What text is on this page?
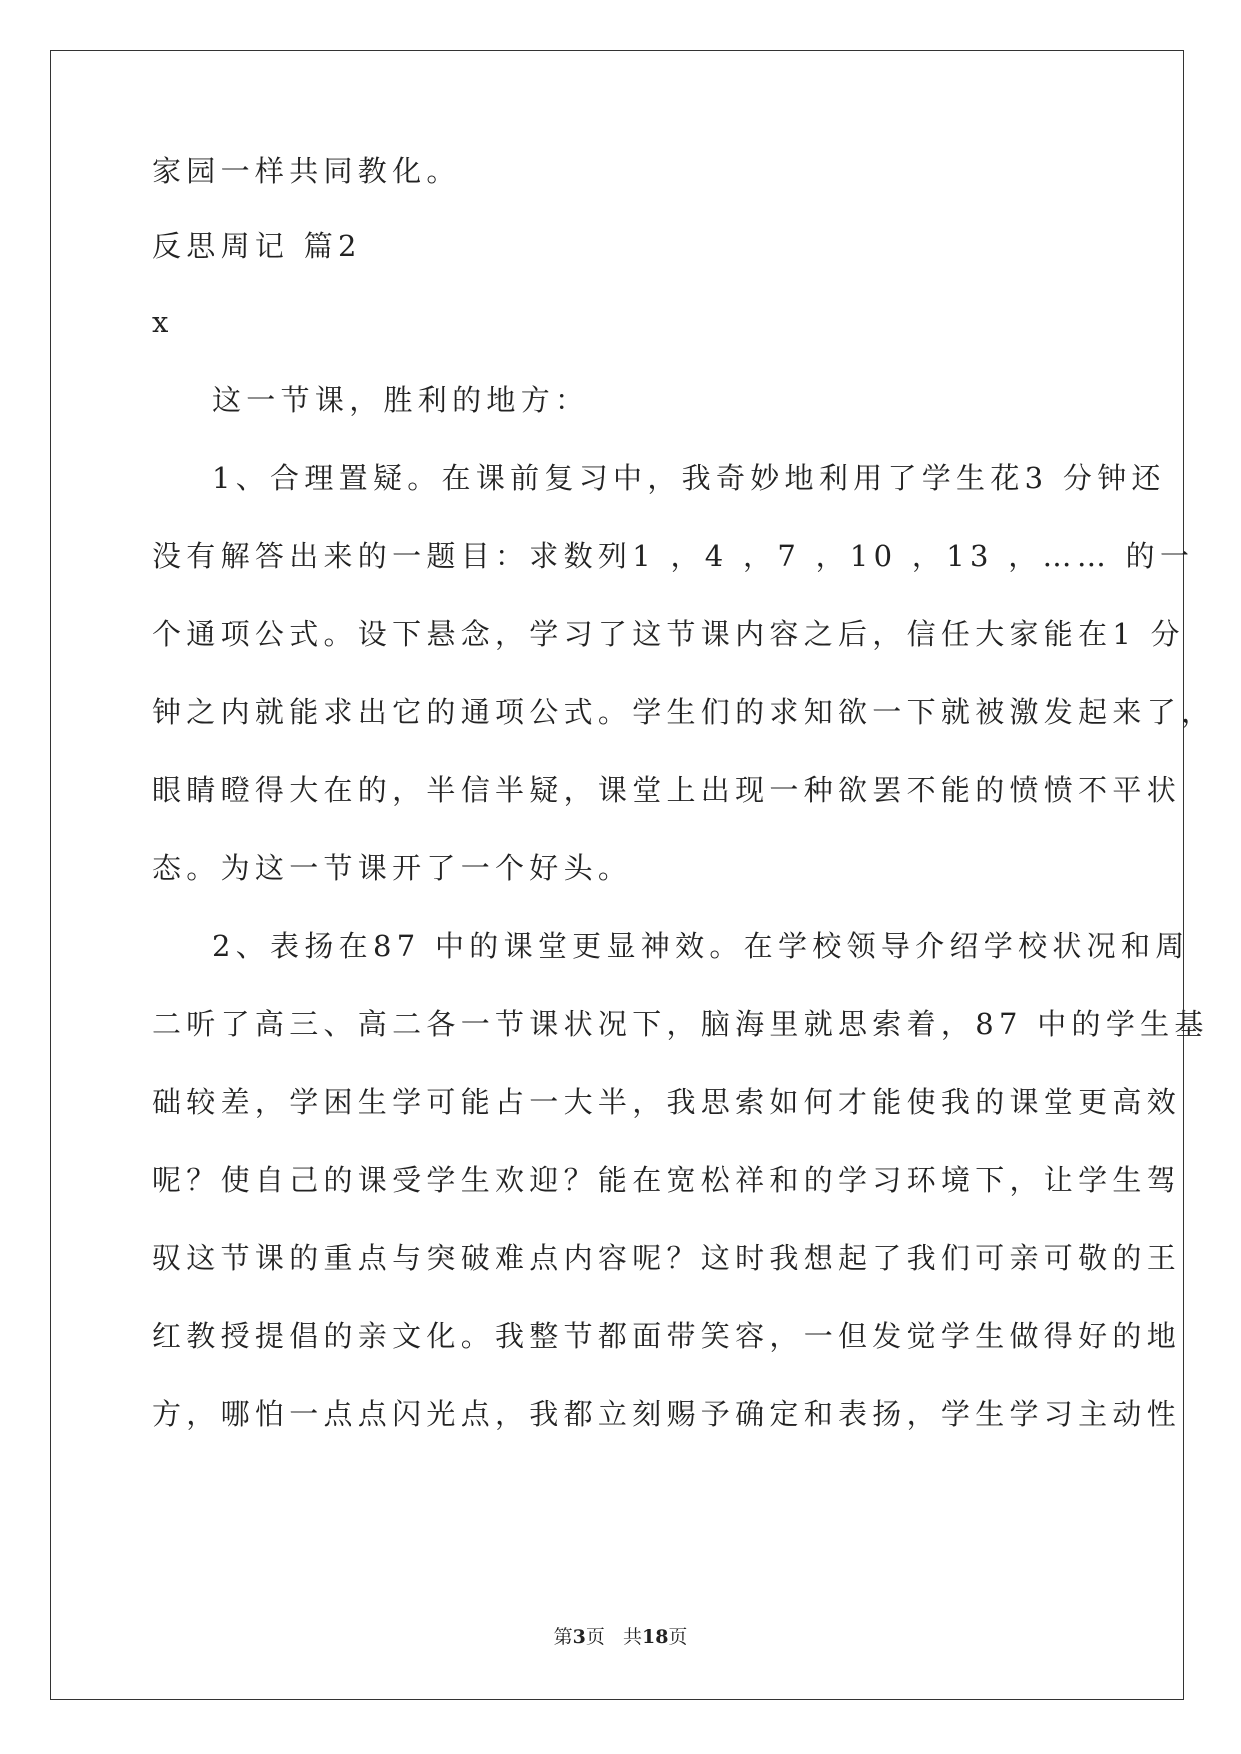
家园一样共同教化。
反思周记 篇2
x
这一节课，胜利的地方：
1、合理置疑。在课前复习中，我奇妙地利用了学生花3 分钟还
没有解答出来的一题目：求数列1 ，4 ，7 ，10 ，13 ，…… 的一
个通项公式。设下悬念，学习了这节课内容之后，信任大家能在1 分
钟之内就能求出它的通项公式。学生们的求知欲一下就被激发起来了，
眼睛瞪得大在的，半信半疑，课堂上出现一种欲罢不能的愤愤不平状
态。为这一节课开了一个好头。
2、表扬在87 中的课堂更显神效。在学校领导介绍学校状况和周
二听了高三、高二各一节课状况下，脑海里就思索着，87 中的学生基
础较差，学困生学可能占一大半，我思索如何才能使我的课堂更高效
呢？使自己的课受学生欢迎？能在宽松祥和的学习环境下，让学生驾
驭这节课的重点与突破难点内容呢？这时我想起了我们可亲可敬的王
红教授提倡的亲文化。我整节都面带笑容，一但发觉学生做得好的地
方，哪怕一点点闪光点，我都立刻赐予确定和表扬，学生学习主动性
第3页 共18页
